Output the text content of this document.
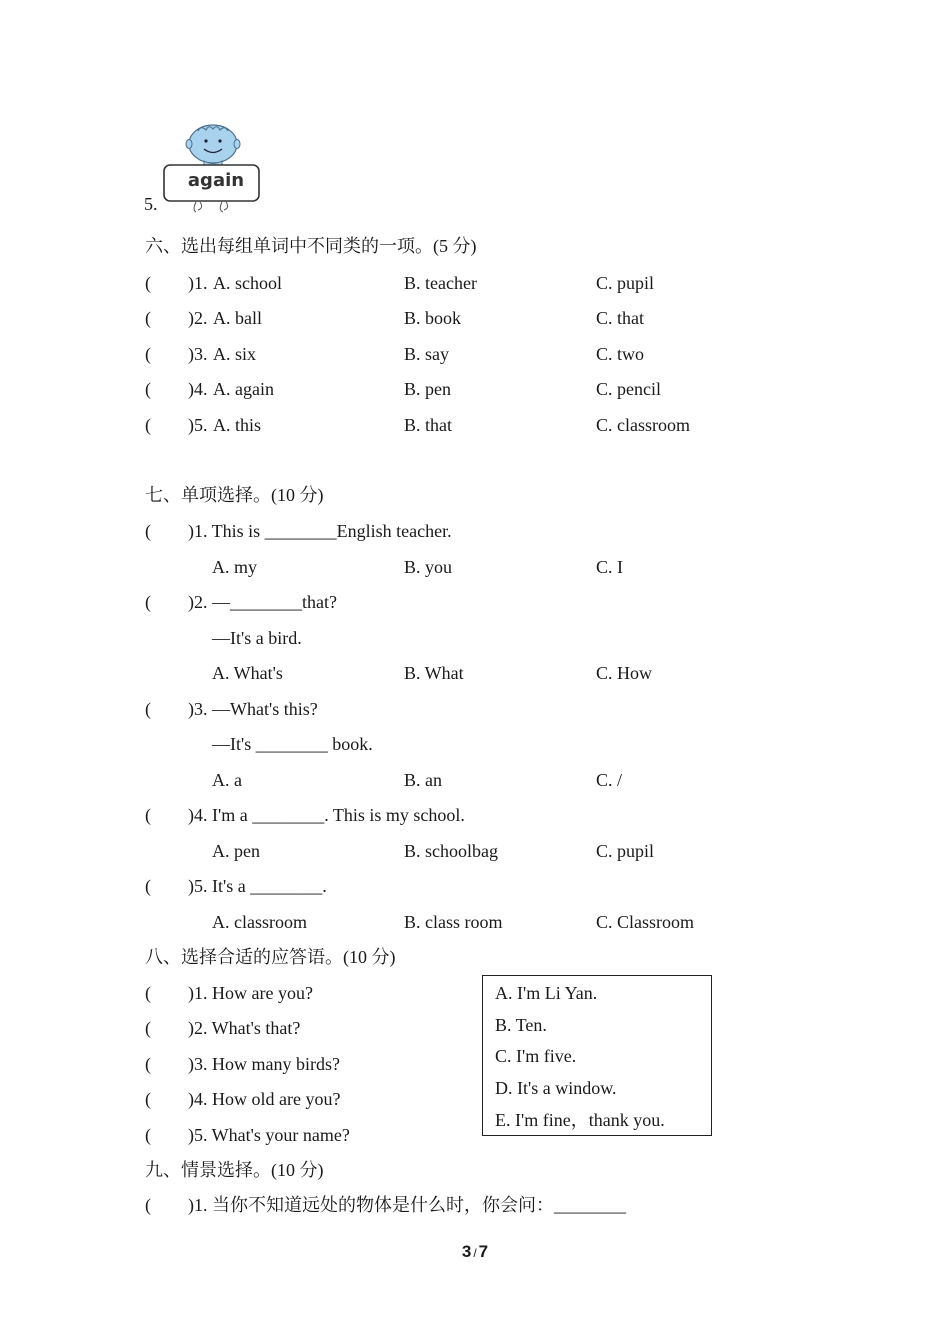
5.
again
六、选出每组单词中不同类的一项。(5 分)
( )1. A. school	B. teacher	C. pupil
( )2. A. ball	B. book	C. that
( )3. A. six	B. say	C. two
( )4. A. again	B. pen	C. pencil
( )5. A. this	B. that	C. classroom
七、单项选择。(10 分)
( )1. This is ________English teacher.
A. my	B. you	C. I
( )2. —________that?
—It's a bird.
A. What's	B. What	C. How
( )3. —What's this?
—It's ________ book.
A. a	B. an	C. /
( )4. I'm a ________. This is my school.
A. pen	B. schoolbag	C. pupil
( )5. It's a ________.
A. classroom	B. class room	C. Classroom
八、选择合适的应答语。(10 分)
( )1. How are you?
( )2. What's that?
( )3. How many birds?
( )4. How old are you?
( )5. What's your name?
A. I'm Li Yan.
B. Ten.
C. I'm five.
D. It's a window.
E. I'm fine，thank you.
九、情景选择。(10 分)
( )1. 当你不知道远处的物体是什么时，你会问：________
3 / 7
